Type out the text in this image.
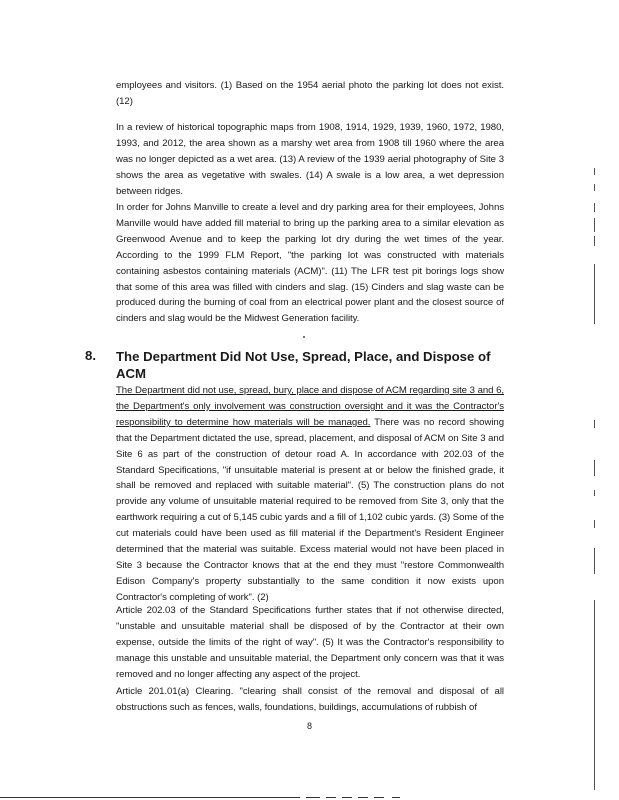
employees and visitors. (1) Based on the 1954 aerial photo the parking lot does not exist. (12)

In a review of historical topographic maps from 1908, 1914, 1929, 1939, 1960, 1972, 1980, 1993, and 2012, the area shown as a marshy wet area from 1908 till 1960 where the area was no longer depicted as a wet area. (13) A review of the 1939 aerial photography of Site 3 shows the area as vegetative with swales. (14) A swale is a low area, a wet depression between ridges.

In order for Johns Manville to create a level and dry parking area for their employees, Johns Manville would have added fill material to bring up the parking area to a similar elevation as Greenwood Avenue and to keep the parking lot dry during the wet times of the year. According to the 1999 FLM Report, "the parking lot was constructed with materials containing asbestos containing materials (ACM)". (11) The LFR test pit borings logs show that some of this area was filled with cinders and slag. (15) Cinders and slag waste can be produced during the burning of coal from an electrical power plant and the closest source of cinders and slag would be the Midwest Generation facility.

8. The Department Did Not Use, Spread, Place, and Dispose of ACM

The Department did not use, spread, bury, place and dispose of ACM regarding site 3 and 6, the Department's only involvement was construction oversight and it was the Contractor's responsibility to determine how materials will be managed. There was no record showing that the Department dictated the use, spread, placement, and disposal of ACM on Site 3 and Site 6 as part of the construction of detour road A. In accordance with 202.03 of the Standard Specifications, "if unsuitable material is present at or below the finished grade, it shall be removed and replaced with suitable material". (5) The construction plans do not provide any volume of unsuitable material required to be removed from Site 3, only that the earthwork requiring a cut of 5,145 cubic yards and a fill of 1,102 cubic yards. (3) Some of the cut materials could have been used as fill material if the Department's Resident Engineer determined that the material was suitable. Excess material would not have been placed in Site 3 because the Contractor knows that at the end they must "restore Commonwealth Edison Company's property substantially to the same condition it now exists upon Contractor's completing of work". (2)

Article 202.03 of the Standard Specifications further states that if not otherwise directed, "unstable and unsuitable material shall be disposed of by the Contractor at their own expense, outside the limits of the right of way". (5) It was the Contractor's responsibility to manage this unstable and unsuitable material, the Department only concern was that it was removed and no longer affecting any aspect of the project.

Article 201.01(a) Clearing. "clearing shall consist of the removal and disposal of all obstructions such as fences, walls, foundations, buildings, accumulations of rubbish of

8
